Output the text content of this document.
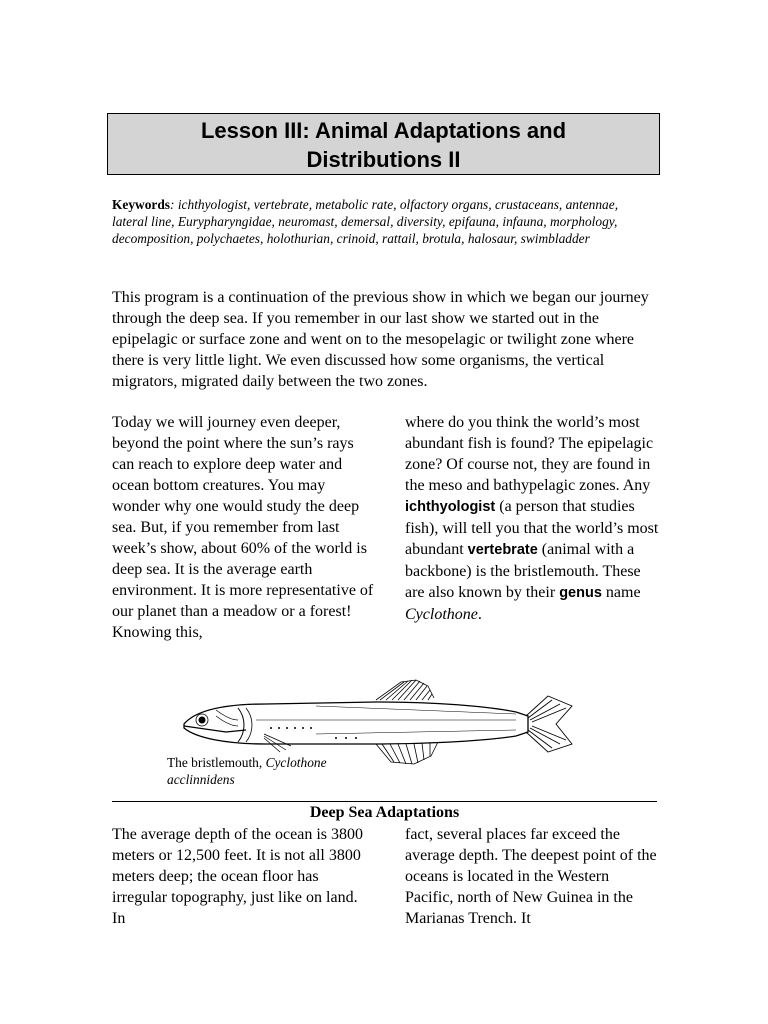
Lesson III: Animal Adaptations and
Distributions II
Keywords: ichthyologist, vertebrate, metabolic rate, olfactory organs, crustaceans, antennae, lateral line, Eurypharyngidae, neuromast, demersal, diversity, epifauna, infauna, morphology, decomposition, polychaetes, holothurian, crinoid, rattail, brotula, halosaur, swimbladder
This program is a continuation of the previous show in which we began our journey through the deep sea. If you remember in our last show we started out in the epipelagic or surface zone and went on to the mesopelagic or twilight zone where there is very little light. We even discussed how some organisms, the vertical migrators, migrated daily between the two zones.
Today we will journey even deeper, beyond the point where the sun’s rays can reach to explore deep water and ocean bottom creatures. You may wonder why one would study the deep sea. But, if you remember from last week’s show, about 60% of the world is deep sea. It is the average earth environment. It is more representative of our planet than a meadow or a forest! Knowing this,
where do you think the world’s most abundant fish is found? The epipelagic zone? Of course not, they are found in the meso and bathypelagic zones. Any ichthyologist (a person that studies fish), will tell you that the world’s most abundant vertebrate (animal with a backbone) is the bristlemouth. These are also known by their genus name Cyclothone.
The bristlemouth, Cyclothone acclinnidens
Deep Sea Adaptations
The average depth of the ocean is 3800 meters or 12,500 feet. It is not all 3800 meters deep; the ocean floor has irregular topography, just like on land. In
fact, several places far exceed the average depth. The deepest point of the oceans is located in the Western Pacific, north of New Guinea in the Marianas Trench. It
